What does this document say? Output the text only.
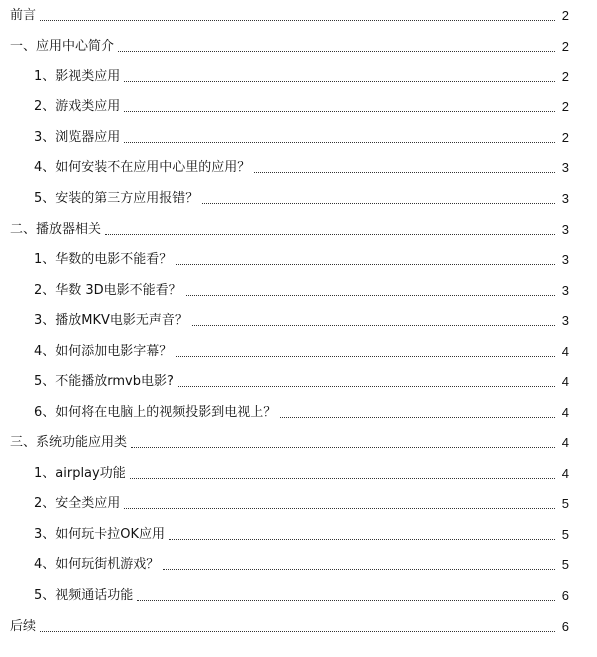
前言	2
一、应用中心简介	2
1、影视类应用	2
2、游戏类应用	2
3、浏览器应用	2
4、如何安装不在应用中心里的应用？	3
5、安装的第三方应用报错？	3
二、播放器相关	3
1、华数的电影不能看？	3
2、华数 3D电影不能看？	3
3、播放MKV电影无声音？	3
4、如何添加电影字幕？	4
5、不能播放rmvb电影?	4
6、如何将在电脑上的视频投影到电视上？	4
三、系统功能应用类	4
1、airplay功能	4
2、安全类应用	5
3、如何玩卡拉OK应用	5
4、如何玩街机游戏？	5
5、视频通话功能	6
后续	6
